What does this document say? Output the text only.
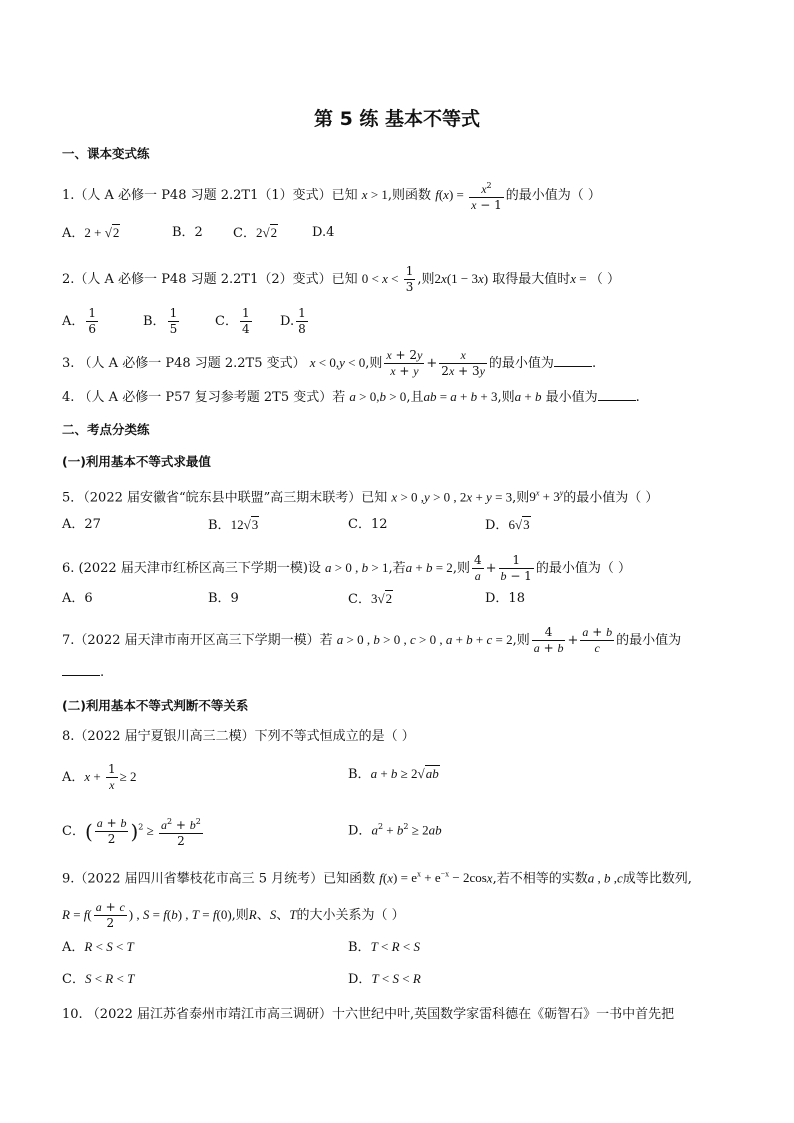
第 5 练 基本不等式
一、课本变式练
1.（人 A 必修一 P48 习题 2.2T1（1）变式）已知 x > 1,则函数 $f(x) = \frac{x^2}{x - 1}$ 的最小值为（ ）
A．2 + √2	B．2 C．2√2	D.4
2.（人 A 必修一 P48 习题 2.2T1（2）变式）已知 $0 < x < \frac{1}{3}$ ,则2x(1 − 3x) 取得最大值时x = （ ）
A． $\frac{1}{6}$	B． $\frac{1}{5}$	C． $\frac{1}{4} D$. $\frac{1}{8}$
3. （人 A 必修一 P48 习题 2.2T5 变式） x < 0,y < 0,则 $\frac{x + 2y}{x + y} + \frac{x}{2x + 3y}$ 的最小值为	.
4. （人 A 必修一 P57 复习参考题 2T5 变式）若 a > 0,b > 0,且ab = a + b + 3,则a + b 最小值为	.
二、考点分类练
(一)利用基本不等式求最值
5．（2022 届安徽省“皖东县中联盟”高三期末联考）已知 x > 0 ,y > 0 , 2x + y = 3,则$9^x + 3^y$的最小值为（ ）
A．27	B．12√3	C．12	D．6√3
6. (2022 届天津市红桥区高三下学期一模)设 a > 0 , b > 1,若a + b = 2,则 $\frac{4}{a} + \frac{1}{b - 1}$ 的最小值为（ ）
A．6	B．9	C．3√2	D．18
7.（2022 届天津市南开区高三下学期一模）若 a > 0 , b > 0 , c > 0 , a + b + c = 2,则 $\frac{4}{a + b} + \frac{a + b}{c}$ 的最小值为
.
(二)利用基本不等式判断不等关系
8.（2022 届宁夏银川高三二模）下列不等式恒成立的是（ ）
A．$x + \frac{1}{x} \ge 2$	B．a + b ≥ 2√ab
C．( $\frac{a + b}{2} )^2 \ge \frac{a^2 + b^2}{2}$	D．$a^2 + b^2 \ge 2ab$
9.（2022 届四川省攀枝花市高三 5 月统考）已知函数 $f(x) = e^x + e^{-x} - 2\cos x$,若不相等的实数a , b ,c成等比数列,
$R = f( \frac{a + c}{2}$ ) , S = f(b) , T = f(0),则R、S、T的大小关系为（ ）
A．R < S < T	B．T < R < S
C．S < R < T	D．T < S < R
10. （2022 届江苏省泰州市靖江市高三调研）十六世纪中叶,英国数学家雷科德在《砺智石》一书中首先把
